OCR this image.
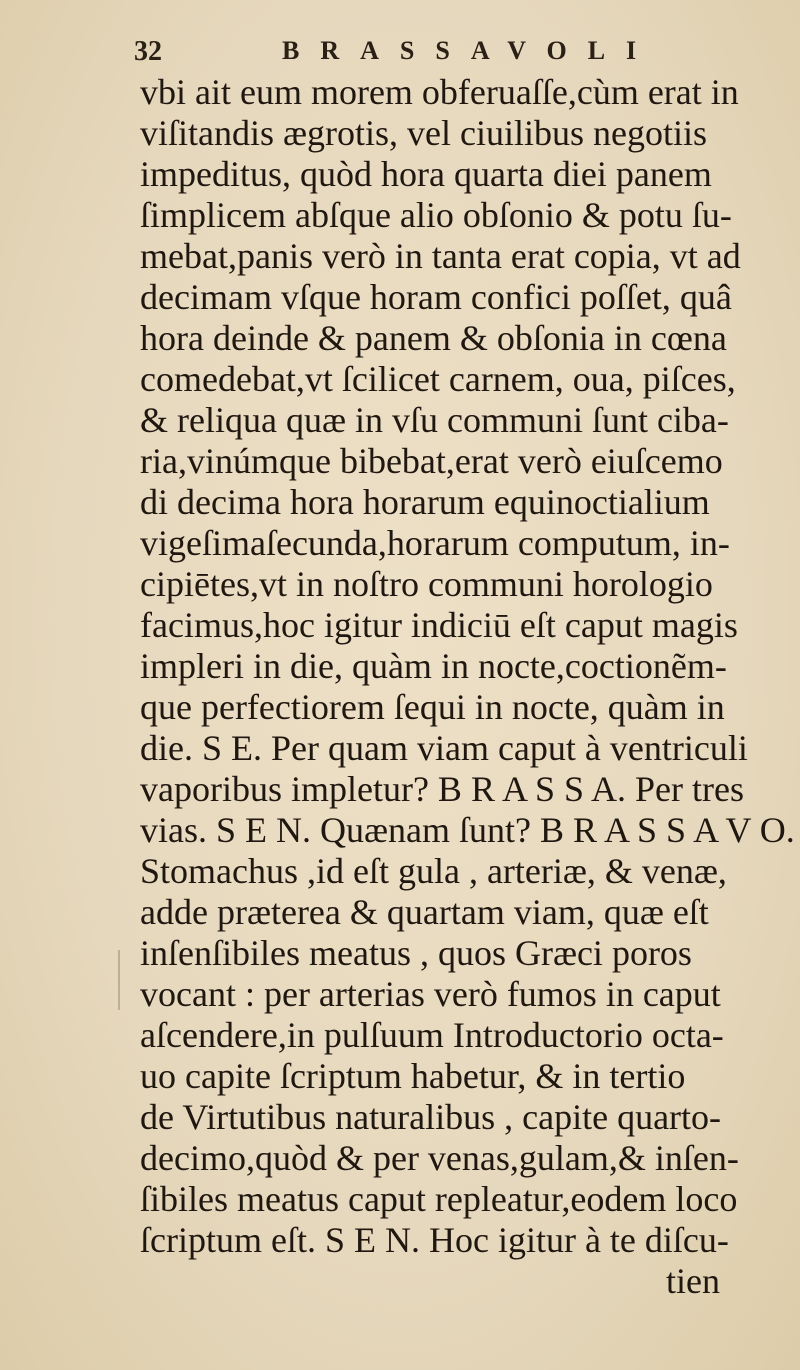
32	BRASSAVOLI
vbi ait eum morem obferuaſſe,cùm erat in
viſitandis ægrotis, vel ciuilibus negotiis
impeditus, quòd hora quarta diei panem
ſimplicem abſque alio obſonio & potu ſu-
mebat,panis verò in tanta erat copia, vt ad
decimam vſque horam confici poſſet, quâ
hora deinde & panem & obſonia in cœna
comedebat,vt ſcilicet carnem, oua, piſces,
& reliqua quæ in vſu communi ſunt ciba-
ria,vinúmque bibebat,erat verò eiuſcemo
di decima hora horarum equinoctialium
vigeſimaſecunda,horarum computum, in-
cipiētes,vt in noſtro communi horologio
facimus,hoc igitur indiciū eſt caput magis
impleri in die, quàm in nocte,coctionẽm-
que perfectiorem ſequi in nocte, quàm in
die. S E. Per quam viam caput à ventriculi
vaporibus impletur? B R A S S A. Per tres
vias. S E N. Quænam ſunt? B R A S S A V O.
Stomachus ,id eſt gula , arteriæ, & venæ,
adde præterea & quartam viam, quæ eſt
inſenſibiles meatus , quos Græci poros
vocant : per arterias verò fumos in caput
aſcendere,in pulſuum Introductorio octa-
uo capite ſcriptum habetur, & in tertio
de Virtutibus naturalibus , capite quarto-
decimo,quòd & per venas,gulam,& inſen-
ſibiles meatus caput repleatur,eodem loco
ſcriptum eſt. S E N. Hoc igitur à te diſcu-
tien
